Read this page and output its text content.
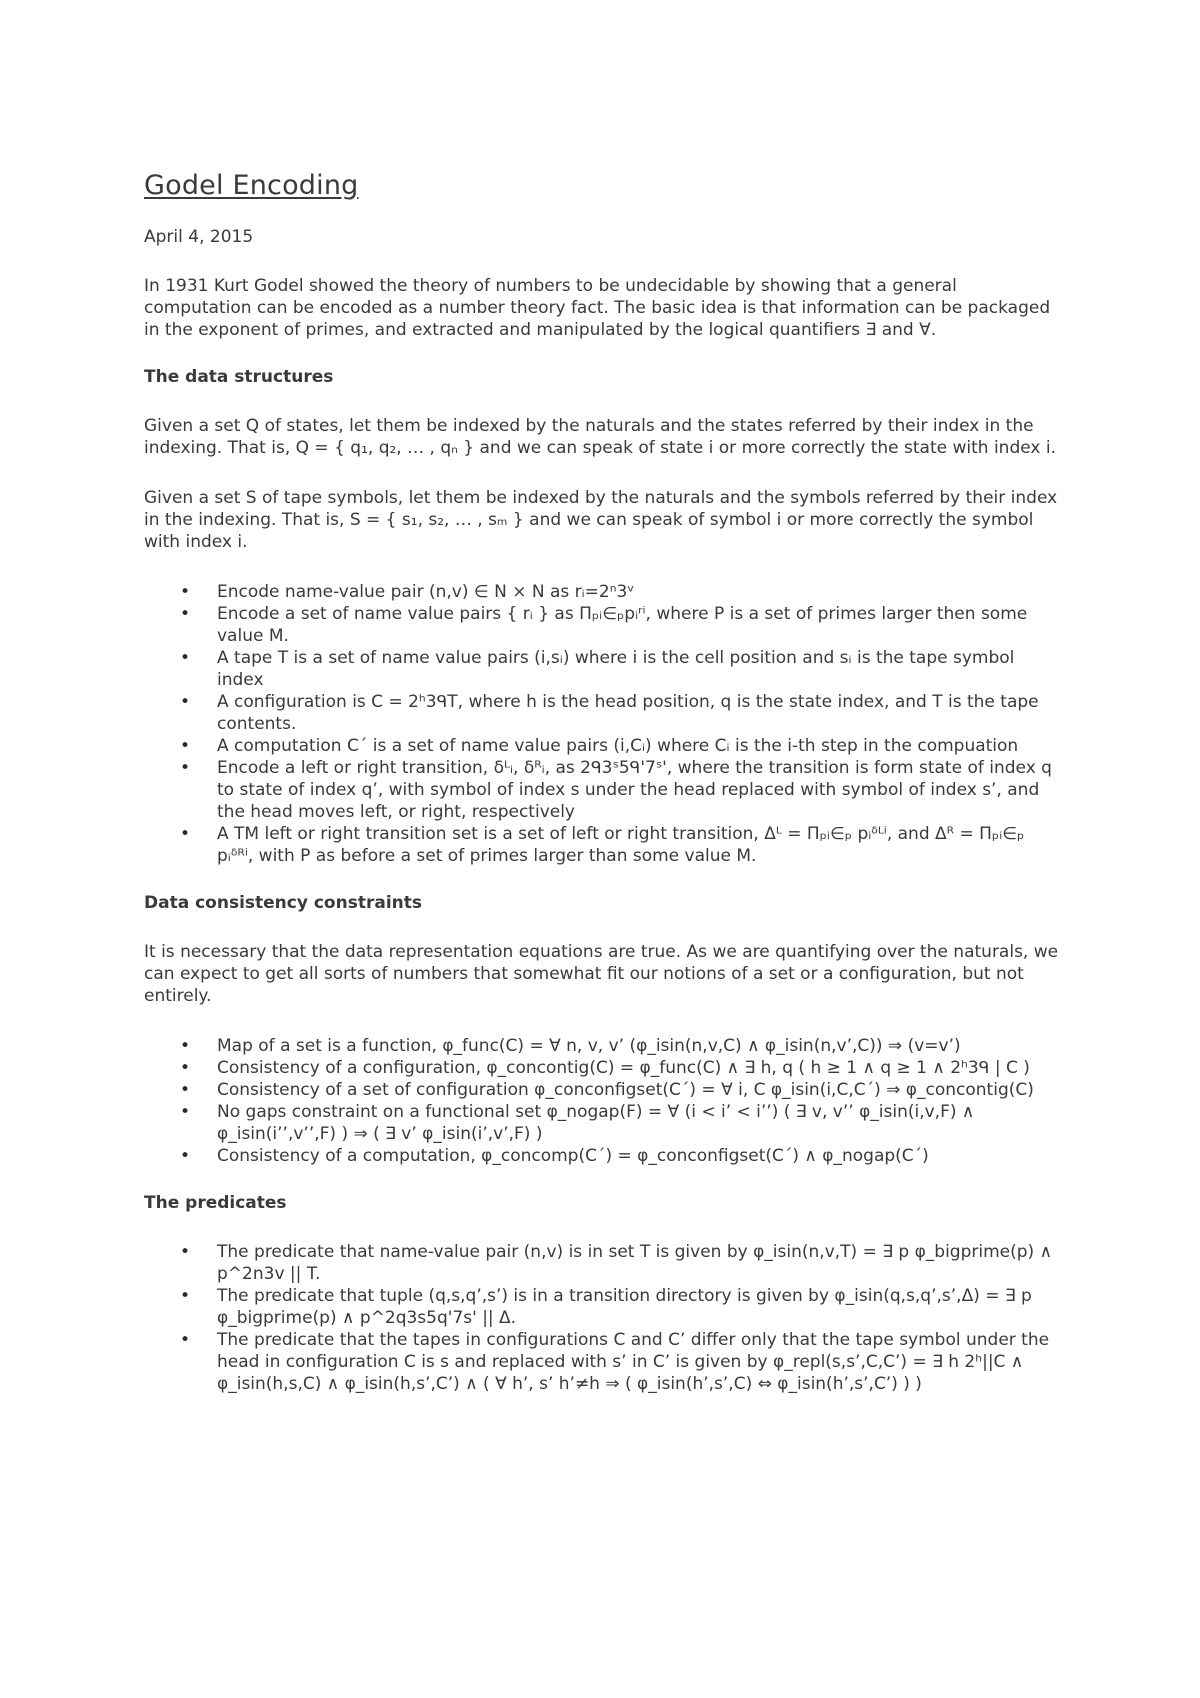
Godel Encoding
April 4, 2015

In 1931 Kurt Godel showed the theory of numbers to be undecidable by showing that a general computation can be encoded as a number theory fact. The basic idea is that information can be packaged in the exponent of primes, and extracted and manipulated by the logical quantifiers ∃ and ∀.

The data structures

Given a set Q of states, let them be indexed by the naturals and the states referred by their index in the indexing. That is, Q = { q₁, q₂, … , qₙ } and we can speak of state i or more correctly the state with index i.

Given a set S of tape symbols, let them be indexed by the naturals and the symbols referred by their index in the indexing. That is, S = { s₁, s₂, … , sₘ } and we can speak of symbol i or more correctly the symbol with index i.

• Encode name-value pair (n,v) ∈ N × N as rᵢ=2ⁿ3ᵛ
• Encode a set of name value pairs { rᵢ } as Πₚᵢ∈ₚpᵢʳⁱ, where P is a set of primes larger then some value M.
• A tape T is a set of name value pairs (i,sᵢ) where i is the cell position and sᵢ is the tape symbol index
• A configuration is C = 2ʰ3ᑫT, where h is the head position, q is the state index, and T is the tape contents.
• A computation C´ is a set of name value pairs (i,Cᵢ) where Cᵢ is the i-th step in the compuation
• Encode a left or right transition, δᴸᵢ, δᴿᵢ, as 2ᑫ3ˢ5ᑫ'7ˢ', where the transition is form state of index q to state of index q’, with symbol of index s under the head replaced with symbol of index s’, and the head moves left, or right, respectively
• A TM left or right transition set is a set of left or right transition, Δᴸ = Πₚᵢ∈ₚ pᵢᵟᴸⁱ, and Δᴿ = Πₚᵢ∈ₚ pᵢᵟᴿⁱ, with P as before a set of primes larger than some value M.
Data consistency constraints

It is necessary that the data representation equations are true. As we are quantifying over the naturals, we can expect to get all sorts of numbers that somewhat fit our notions of a set or a configuration, but not entirely.

• Map of a set is a function, φ_func(C) = ∀ n, v, v’ (φ_isin(n,v,C) ∧ φ_isin(n,v’,C)) ⇒ (v=v’)
• Consistency of a configuration, φ_concontig(C) = φ_func(C) ∧ ∃ h, q ( h ≥ 1 ∧ q ≥ 1 ∧ 2ʰ3ᑫ | C )
• Consistency of a set of configuration φ_conconfigset(C´) = ∀ i, C φ_isin(i,C,C´) ⇒ φ_concontig(C)
• No gaps constraint on a functional set φ_nogap(F) = ∀ (i < i’ < i’’) ( ∃ v, v’’ φ_isin(i,v,F) ∧ φ_isin(i’’,v’’,F) ) ⇒ ( ∃ v’ φ_isin(i’,v’,F) )
• Consistency of a computation, φ_concomp(C´) = φ_conconfigset(C´) ∧ φ_nogap(C´)
The predicates
• The predicate that name-value pair (n,v) is in set T is given by φ_isin(n,v,T) = ∃ p φ_bigprime(p) ∧ p^2n3v || T.
• The predicate that tuple (q,s,q’,s’) is in a transition directory is given by φ_isin(q,s,q’,s’,Δ) = ∃ p φ_bigprime(p) ∧ p^2q3s5q'7s' || Δ.
• The predicate that the tapes in configurations C and C’ differ only that the tape symbol under the head in configuration C is s and replaced with s’ in C’ is given by φ_repl(s,s’,C,C’) = ∃ h 2ʰ||C ∧ φ_isin(h,s,C) ∧ φ_isin(h,s’,C’) ∧ ( ∀ h’, s’ h’≠h ⇒ ( φ_isin(h’,s’,C) ⇔ φ_isin(h’,s’,C’) ) )
